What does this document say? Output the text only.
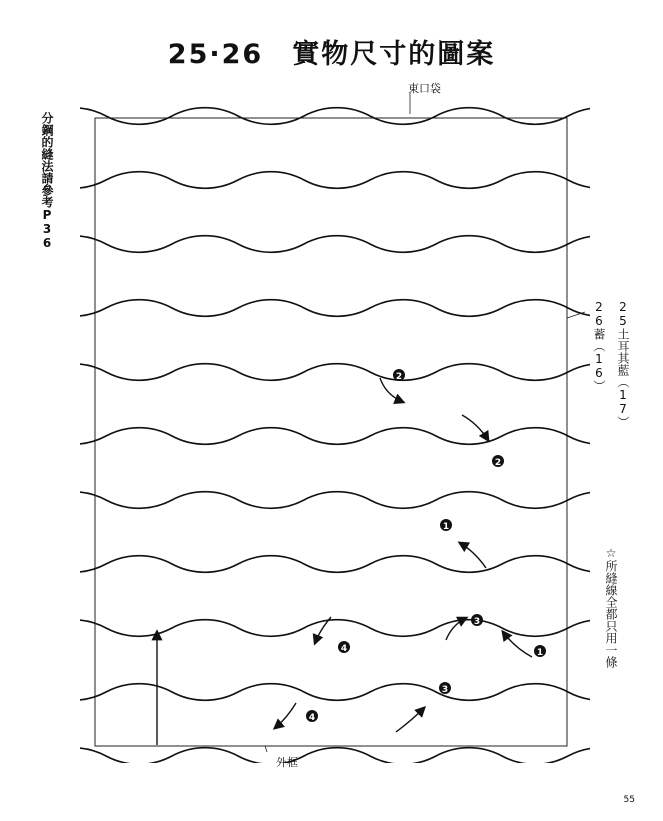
25·26　實物尺寸的圖案
分鋼的縫法請參考P36
東口袋
外框
25土耳其藍（17）
26蓄（16）
☆所縫線全都只用一條
55
2
2
1
1
3
3
4
4
